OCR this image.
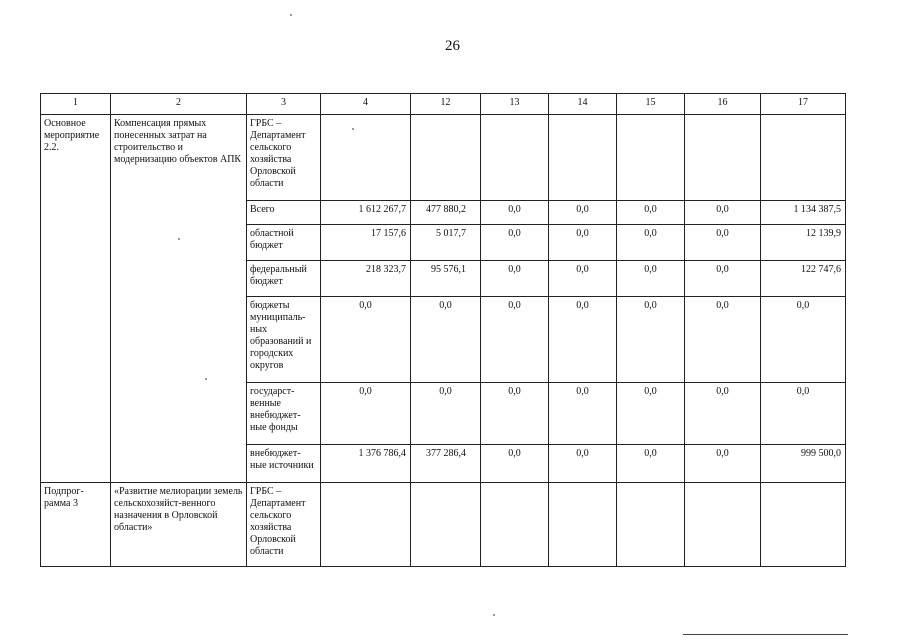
26
1	2	3	4	12	13	14	15	16	17
Основное мероприятие 2.2.	Компенсация прямых понесенных затрат на строительство и модернизацию объектов АПК	ГРБС – Департамент сельского хозяйства Орловской области							
		Всего	1 612 267,7	477 880,2	0,0	0,0	0,0	0,0	1 134 387,5
		областной бюджет	17 157,6	5 017,7	0,0	0,0	0,0	0,0	12 139,9
		федеральный бюджет	218 323,7	95 576,1	0,0	0,0	0,0	0,0	122 747,6
		бюджеты муниципаль-ных образований и городских округов	0,0	0,0	0,0	0,0	0,0	0,0	0,0
		государст-венные внебюджет-ные фонды	0,0	0,0	0,0	0,0	0,0	0,0	0,0
		внебюджет-ные источники	1 376 786,4	377 286,4	0,0	0,0	0,0	0,0	999 500,0
Подпрог-рамма 3	«Развитие мелиорации земель сельскохозяйст-венного назначения в Орловской области»	ГРБС – Департамент сельского хозяйства Орловской области							
